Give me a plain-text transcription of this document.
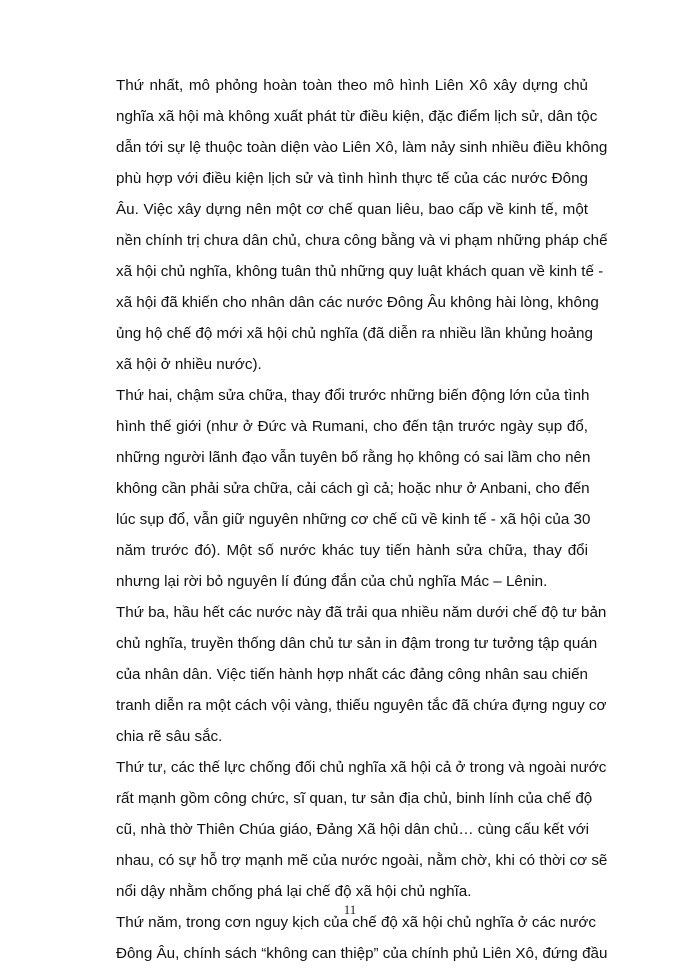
Thứ nhất, mô phỏng hoàn toàn theo mô hình Liên Xô xây dựng chủ
nghĩa xã hội mà không xuất phát từ điều kiện, đặc điểm lịch sử, dân tộc
dẫn tới sự lệ thuộc toàn diện vào Liên Xô, làm nảy sinh nhiều điều không
phù hợp với điều kiện lịch sử và tình hình thực tế của các nước Đông
Âu. Việc xây dựng nên một cơ chế quan liêu, bao cấp về kinh tế, một
nền chính trị chưa dân chủ, chưa công bằng và vi phạm những pháp chế
xã hội chủ nghĩa, không tuân thủ những quy luật khách quan về kinh tế -
xã hội đã khiến cho nhân dân các nước Đông Âu không hài lòng, không
ủng hộ chế độ mới xã hội chủ nghĩa (đã diễn ra nhiều lần khủng hoảng
xã hội ở nhiều nước).
Thứ hai, chậm sửa chữa, thay đổi trước những biến động lớn của tình
hình thế giới (như ở Đức và Rumani, cho đến tận trước ngày sụp đổ,
những người lãnh đạo vẫn tuyên bố rằng họ không có sai lầm cho nên
không cần phải sửa chữa, cải cách gì cả; hoặc như ở Anbani, cho đến
lúc sụp đổ, vẫn giữ nguyên những cơ chế cũ về kinh tế - xã hội của 30
năm trước đó). Một số nước khác tuy tiến hành sửa chữa, thay đổi
nhưng lại rời bỏ nguyên lí đúng đắn của chủ nghĩa Mác – Lênin.
Thứ ba, hầu hết các nước này đã trải qua nhiều năm dưới chế độ tư bản
chủ nghĩa, truyền thống dân chủ tư sản in đậm trong tư tưởng tập quán
của nhân dân. Việc tiến hành hợp nhất các đảng công nhân sau chiến
tranh diễn ra một cách vội vàng, thiếu nguyên tắc đã chứa đựng nguy cơ
chia rẽ sâu sắc.
Thứ tư, các thế lực chống đối chủ nghĩa xã hội cả ở trong và ngoài nước
rất mạnh gồm công chức, sĩ quan, tư sản địa chủ, binh lính của chế độ
cũ, nhà thờ Thiên Chúa giáo, Đảng Xã hội dân chủ… cùng cấu kết với
nhau, có sự hỗ trợ mạnh mẽ của nước ngoài, nằm chờ, khi có thời cơ sẽ
nổi dậy nhằm chống phá lại chế độ xã hội chủ nghĩa.
Thứ năm, trong cơn nguy kịch của chế độ xã hội chủ nghĩa ở các nước
Đông Âu, chính sách “không can thiệp” của chính phủ Liên Xô, đứng đầu
11
